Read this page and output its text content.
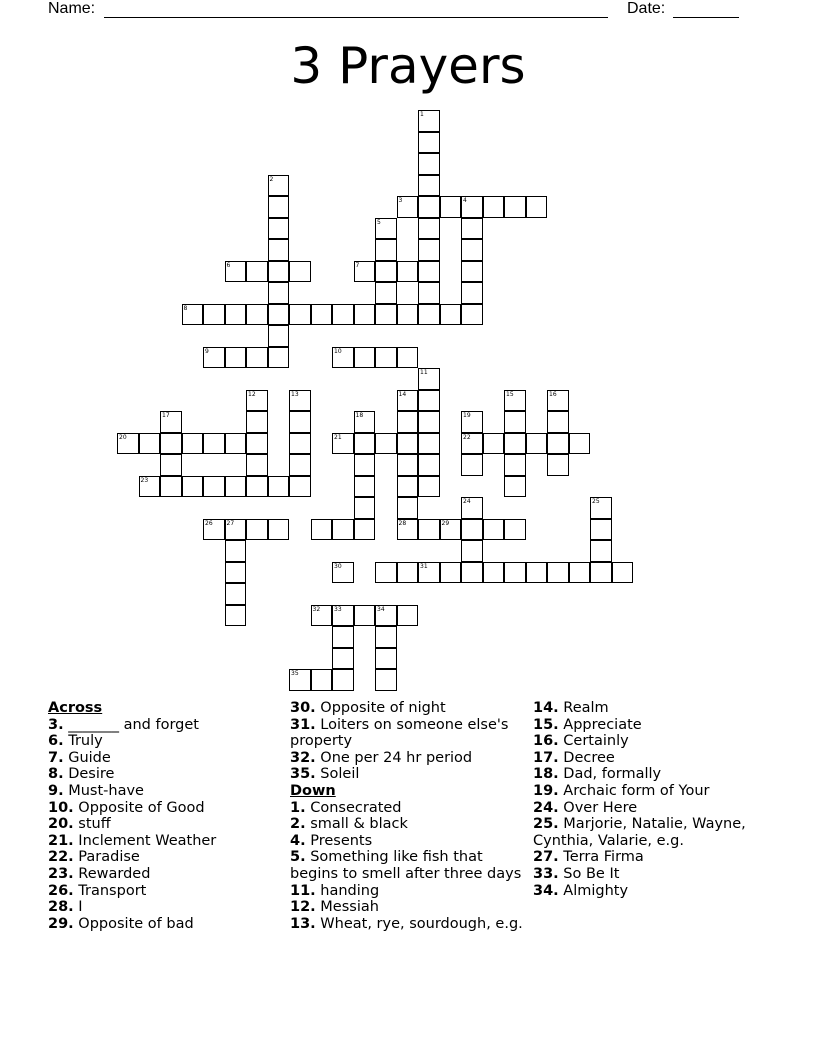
Name:	Date:
3 Prayers
1
2
3	4
5
6	7
8
9	10
11
12	13	14
28
15	16
17	18	19
22
20	21
23
24	25
26 27	29
30	31
32 33	34
35
Across
3. _______ and forget
6. Truly
7. Guide
8. Desire
9. Must-have
10. Opposite of Good
20. stuff
21. Inclement Weather
22. Paradise
23. Rewarded
26. Transport
28. I
29. Opposite of bad
30. Opposite of night
31. Loiters on someone else's property
32. One per 24 hr period
35. Soleil
Down
1. Consecrated
2. small & black
4. Presents
5. Something like fish that begins to smell after three days
11. handing
12. Messiah
13. Wheat, rye, sourdough, e.g.
14. Realm
15. Appreciate
16. Certainly
17. Decree
18. Dad, formally
19. Archaic form of Your
24. Over Here
25. Marjorie, Natalie, Wayne, Cynthia, Valarie, e.g.
27. Terra Firma
33. So Be It
34. Almighty
